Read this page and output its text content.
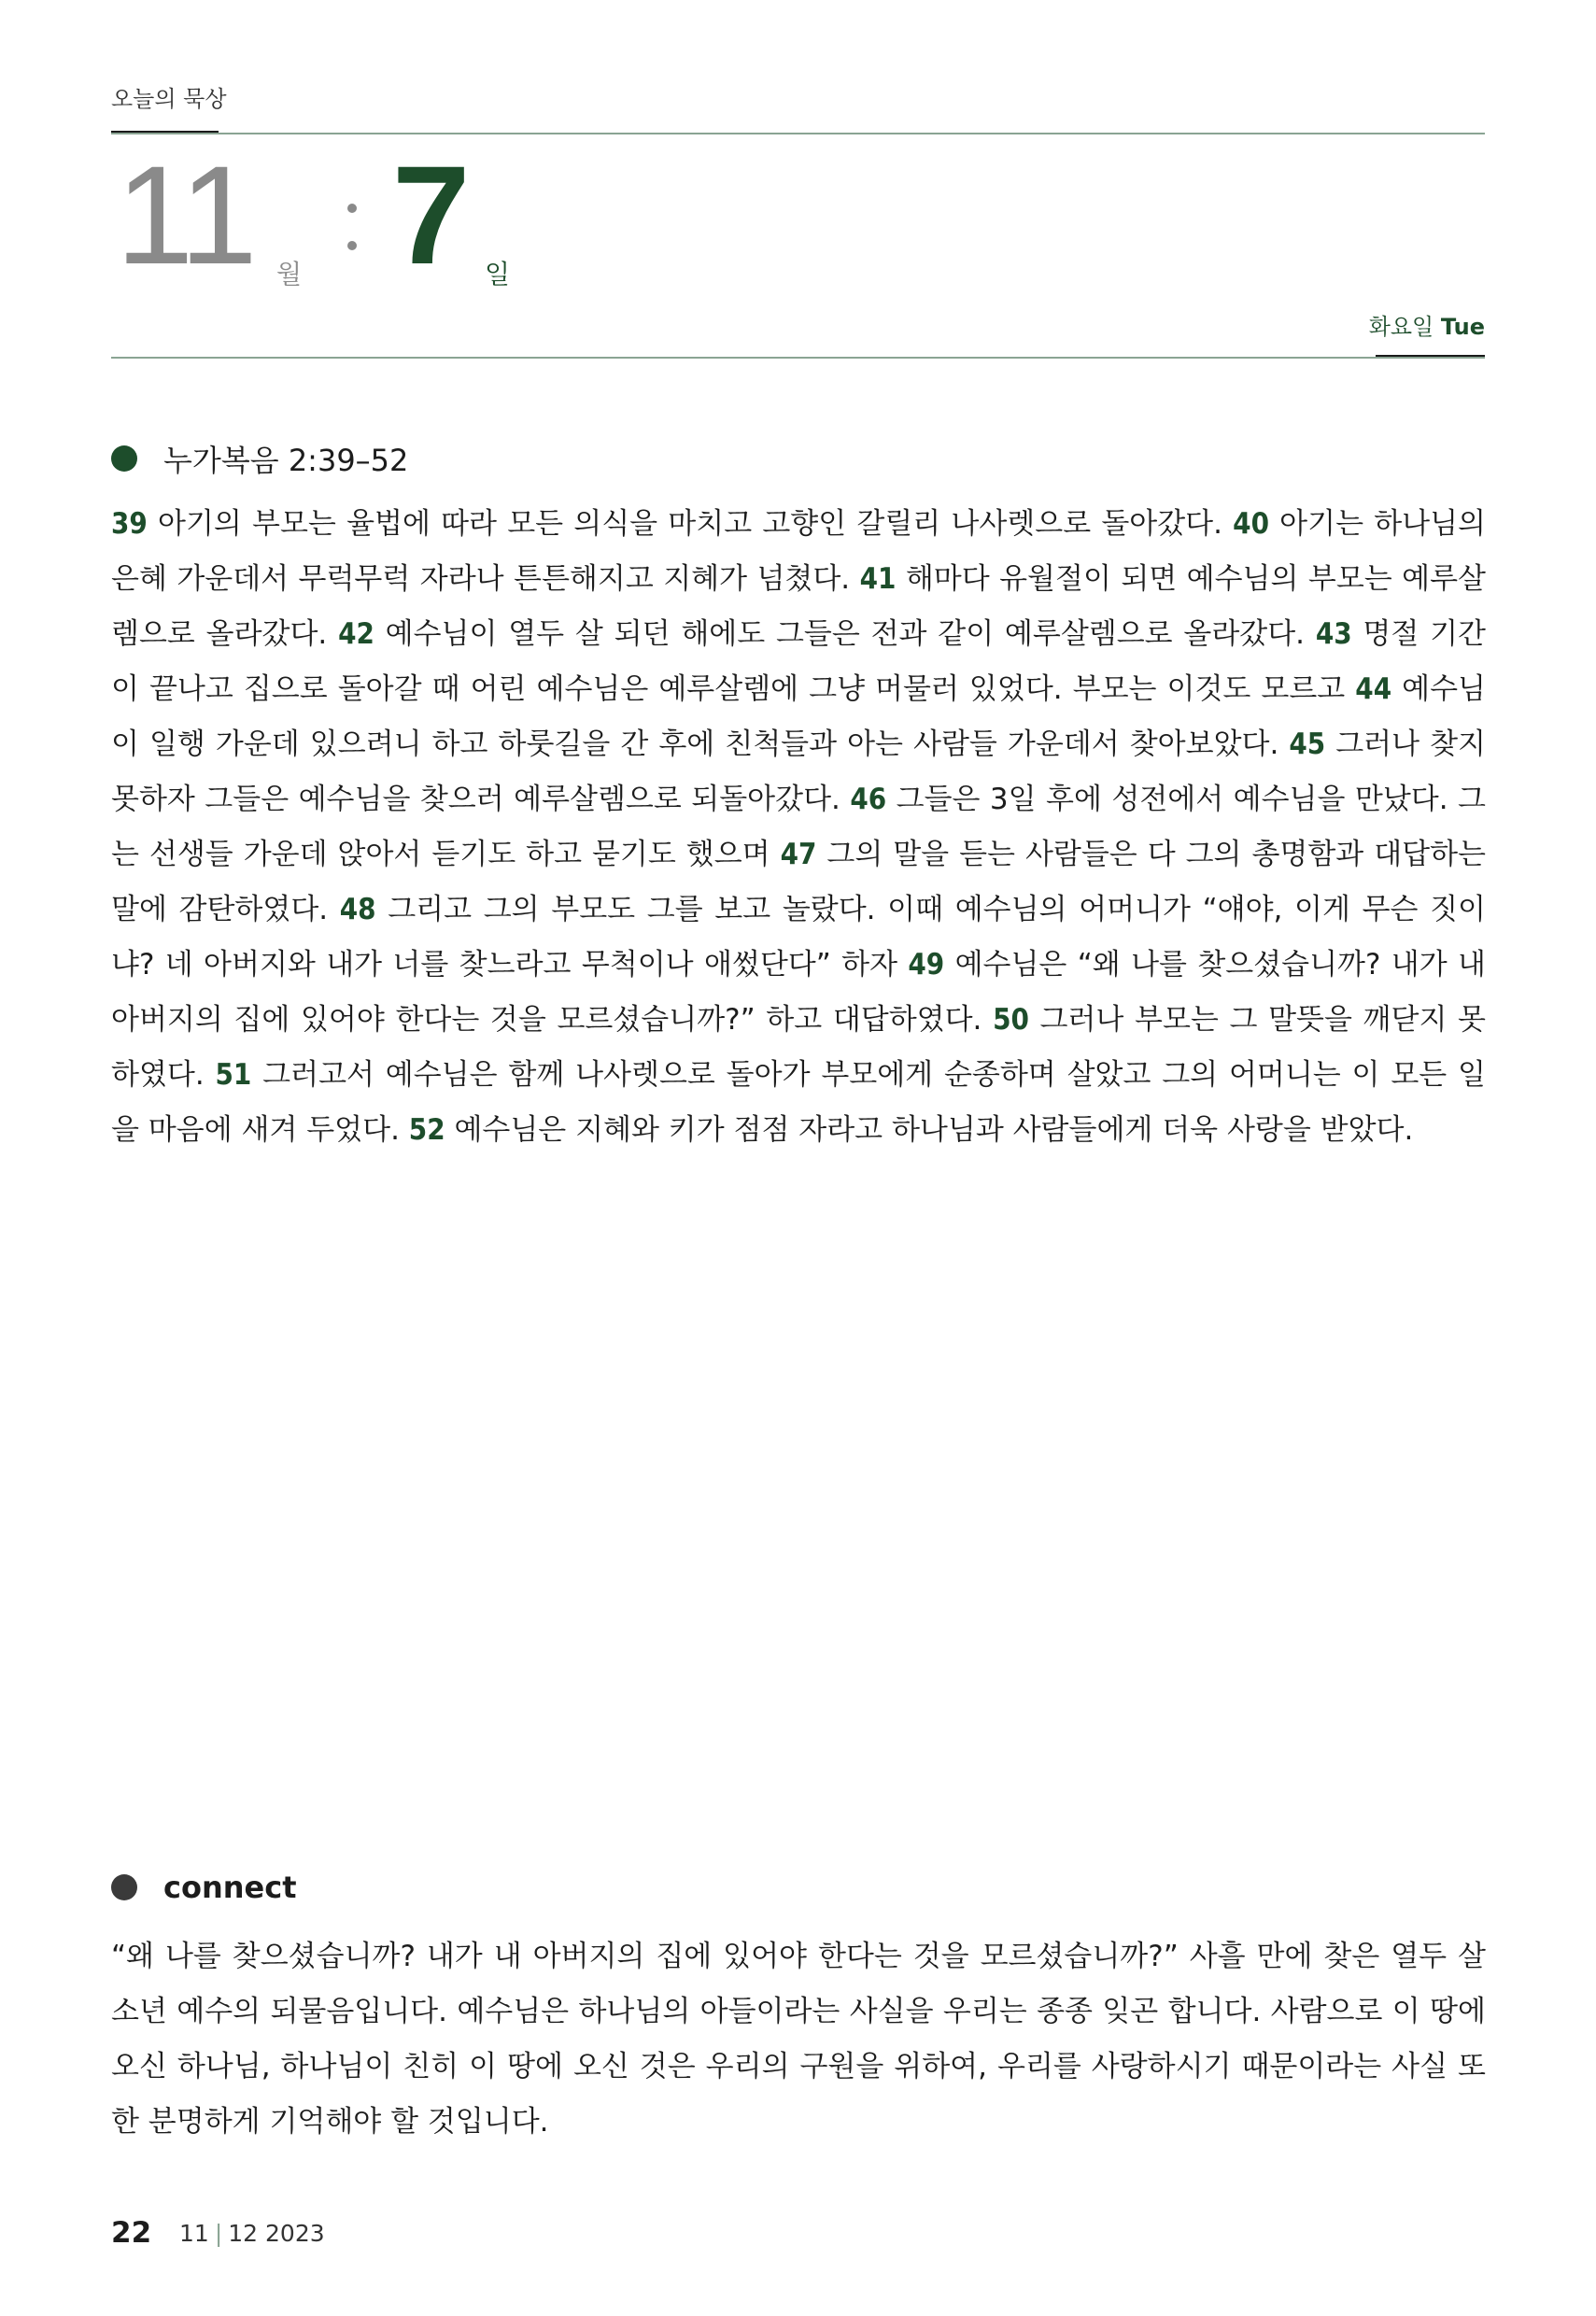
오늘의 묵상
11 월 7 일
화요일 Tue
누가복음 2:39–52

39 아기의 부모는 율법에 따라 모든 의식을 마치고 고향인 갈릴리 나사렛으로 돌아갔다. 40 아기는 하나님의 은혜 가운데서 무럭무럭 자라나 튼튼해지고 지혜가 넘쳤다. 41 해마다 유월절이 되면 예수님의 부모는 예루살렘으로 올라갔다. 42 예수님이 열두 살 되던 해에도 그들은 전과 같이 예루살렘으로 올라갔다. 43 명절 기간이 끝나고 집으로 돌아갈 때 어린 예수님은 예루살렘에 그냥 머물러 있었다. 부모는 이것도 모르고 44 예수님이 일행 가운데 있으려니 하고 하룻길을 간 후에 친척들과 아는 사람들 가운데서 찾아보았다. 45 그러나 찾지 못하자 그들은 예수님을 찾으러 예루살렘으로 되돌아갔다. 46 그들은 3일 후에 성전에서 예수님을 만났다. 그는 선생들 가운데 앉아서 듣기도 하고 묻기도 했으며 47 그의 말을 듣는 사람들은 다 그의 총명함과 대답하는 말에 감탄하였다. 48 그리고 그의 부모도 그를 보고 놀랐다. 이때 예수님의 어머니가 “얘야, 이게 무슨 짓이냐? 네 아버지와 내가 너를 찾느라고 무척이나 애썼단다” 하자 49 예수님은 “왜 나를 찾으셨습니까? 내가 내 아버지의 집에 있어야 한다는 것을 모르셨습니까?” 하고 대답하였다. 50 그러나 부모는 그 말뜻을 깨닫지 못하였다. 51 그러고서 예수님은 함께 나사렛으로 돌아가 부모에게 순종하며 살았고 그의 어머니는 이 모든 일을 마음에 새겨 두었다. 52 예수님은 지혜와 키가 점점 자라고 하나님과 사람들에게 더욱 사랑을 받았다.

connect

“왜 나를 찾으셨습니까? 내가 내 아버지의 집에 있어야 한다는 것을 모르셨습니까?” 사흘 만에 찾은 열두 살 소년 예수의 되물음입니다. 예수님은 하나님의 아들이라는 사실을 우리는 종종 잊곤 합니다. 사람으로 이 땅에 오신 하나님, 하나님이 친히 이 땅에 오신 것은 우리의 구원을 위하여, 우리를 사랑하시기 때문이라는 사실 또한 분명하게 기억해야 할 것입니다.

22 11 | 12 2023
